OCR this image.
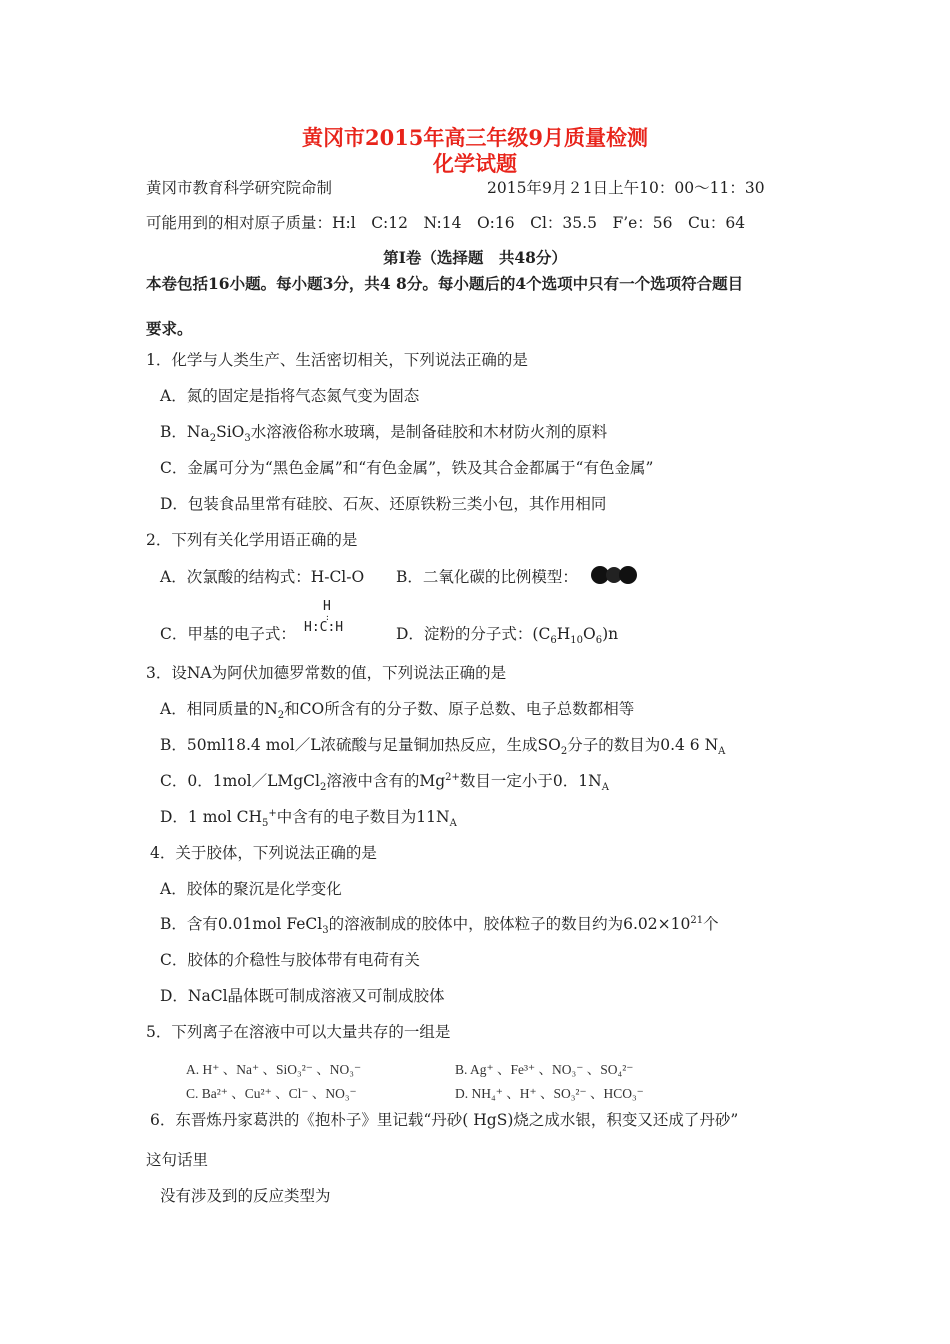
黄冈市2015年高三年级9月质量检测
化学试题
黄冈市教育科学研究院命制	2015年9月２1日上午10：00～11：30
可能用到的相对原子质量：H:l　C:12　N:14　O:16　Cl：35.5　F’e：56　Cu：64
第I卷（选择题　共48分）
本卷包括16小题。每小题3分，共4 8分。每小题后的4个选项中只有一个选项符合题目
要求。
1．化学与人类生产、生活密切相关，下列说法正确的是
A．氮的固定是指将气态氮气变为固态
B．$Na_2SiO_3$水溶液俗称水玻璃，是制备硅胶和木材防火剂的原料
C．金属可分为“黑色金属”和“有色金属”，铁及其合金都属于“有色金属”
D．包装食品里常有硅胶、石灰、还原铁粉三类小包，其作用相同
2．下列有关化学用语正确的是
A．次氯酸的结构式：H-Cl-O B．二氧化碳的比例模型：
C．甲基的电子式：
H
:
H:C:H	D．淀粉的分子式：$(C_6H_{10}O_6)n$
3．设NA为阿伏加德罗常数的值，下列说法正确的是
A．相同质量的$N_2$和CO所含有的分子数、原子总数、电子总数都相等
B．50ml18.4 mol／L浓硫酸与足量铜加热反应，生成$SO_2$分子的数目为0.4 6 $N_A$
C．0．1mol／LMgCl$_2$溶液中含有的$Mg^{2+}$数目一定小于0．$1N_A$
D．1 mol $CH_5^+$中含有的电子数目为$11N_A$
4．关于胶体，下列说法正确的是
A．胶体的聚沉是化学变化
B．含有0.01mol FeCl$_3$的溶液制成的胶体中，胶体粒子的数目约为$6.02\times 10^{21}$个
C．胶体的介稳性与胶体带有电荷有关
D．NaCl晶体既可制成溶液又可制成胶体
5．下列离子在溶液中可以大量共存的一组是
A. H⁺ 、Na⁺ 、SiO₃²⁻ 、NO₃⁻	B. Ag⁺ 、Fe³⁺ 、NO₃⁻ 、SO₄²⁻
C. Ba²⁺ 、Cu²⁺ 、Cl⁻ 、NO₃⁻	D. NH₄⁺ 、H⁺ 、SO₃²⁻ 、HCO₃⁻
6．东晋炼丹家葛洪的《抱朴子》里记载“丹砂( HgS)烧之成水银，积变又还成了丹砂”
这句话里
没有涉及到的反应类型为
